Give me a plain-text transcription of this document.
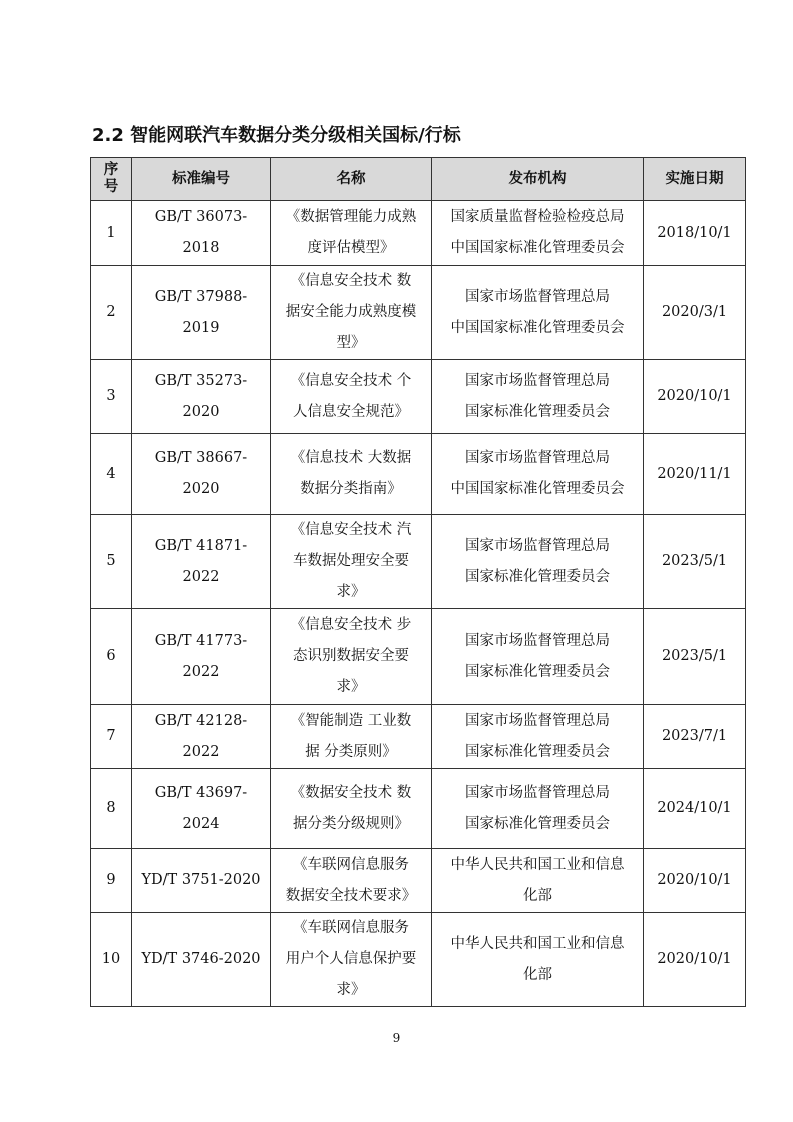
2.2 智能网联汽车数据分类分级相关国标/行标
序
号	标准编号	名称	发布机构	实施日期
1	GB/T 36073-2018	《数据管理能力成熟
度评估模型》	国家质量监督检验检疫总局
中国国家标准化管理委员会	2018/10/1
2	GB/T 37988-2019	《信息安全技术 数
据安全能力成熟度模
型》	国家市场监督管理总局
中国国家标准化管理委员会	2020/3/1
3	GB/T 35273-2020	《信息安全技术 个
人信息安全规范》	国家市场监督管理总局
国家标准化管理委员会	2020/10/1
4	GB/T 38667-2020	《信息技术 大数据
数据分类指南》	国家市场监督管理总局
中国国家标准化管理委员会	2020/11/1
5	GB/T 41871-2022	《信息安全技术 汽
车数据处理安全要
求》	国家市场监督管理总局
国家标准化管理委员会	2023/5/1
6	GB/T 41773-2022	《信息安全技术 步
态识别数据安全要
求》	国家市场监督管理总局
国家标准化管理委员会	2023/5/1
7	GB/T 42128-2022	《智能制造 工业数
据 分类原则》	国家市场监督管理总局
国家标准化管理委员会	2023/7/1
8	GB/T 43697-2024	《数据安全技术 数
据分类分级规则》	国家市场监督管理总局
国家标准化管理委员会	2024/10/1
9	YD/T 3751-2020	《车联网信息服务
数据安全技术要求》	中华人民共和国工业和信息
化部	2020/10/1
10	YD/T 3746-2020	《车联网信息服务
用户个人信息保护要
求》	中华人民共和国工业和信息
化部	2020/10/1
9
